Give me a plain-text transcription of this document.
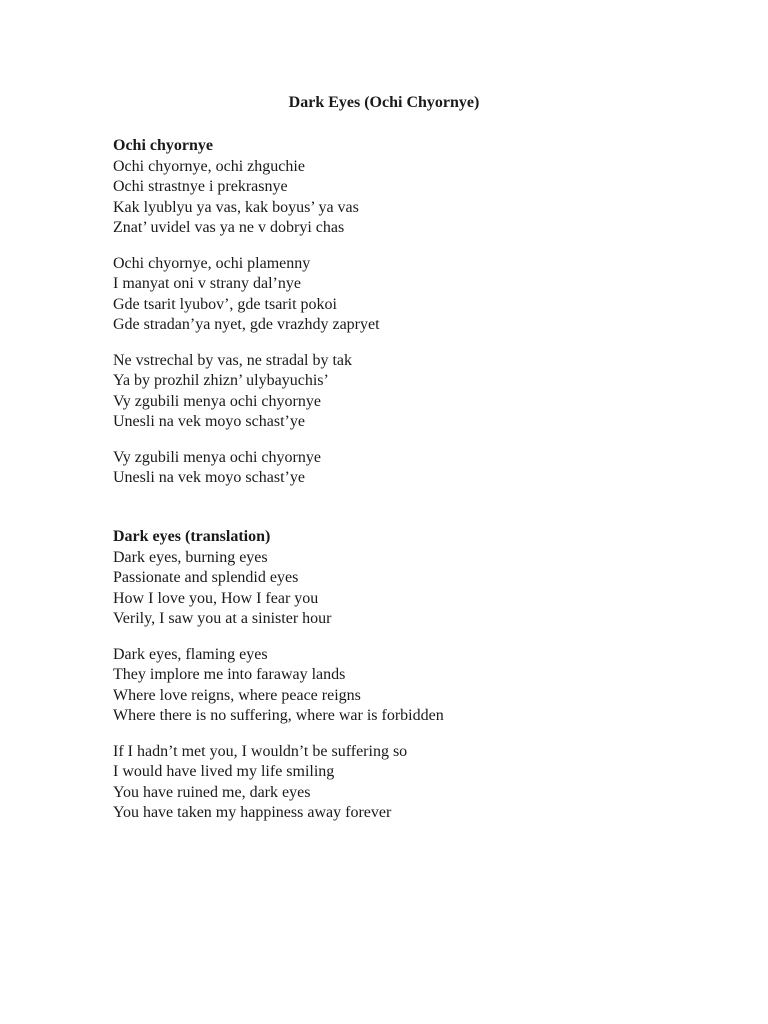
Dark Eyes (Ochi Chyornye)
Ochi chyornye
Ochi chyornye, ochi zhguchie
Ochi strastnye i prekrasnye
Kak lyublyu ya vas, kak boyus’ ya vas
Znat’ uvidel vas ya ne v dobryi chas
Ochi chyornye, ochi plamenny
I manyat oni v strany dal’nye
Gde tsarit lyubov’, gde tsarit pokoi
Gde stradan’ya nyet, gde vrazhdy zapryet
Ne vstrechal by vas, ne stradal by tak
Ya by prozhil zhizn’ ulybayuchis’
Vy zgubili menya ochi chyornye
Unesli na vek moyo schast’ye
Vy zgubili menya ochi chyornye
Unesli na vek moyo schast’ye
Dark eyes (translation)
Dark eyes, burning eyes
Passionate and splendid eyes
How I love you, How I fear you
Verily, I saw you at a sinister hour
Dark eyes, flaming eyes
They implore me into faraway lands
Where love reigns, where peace reigns
Where there is no suffering, where war is forbidden
If I hadn’t met you, I wouldn’t be suffering so
I would have lived my life smiling
You have ruined me, dark eyes
You have taken my happiness away forever
